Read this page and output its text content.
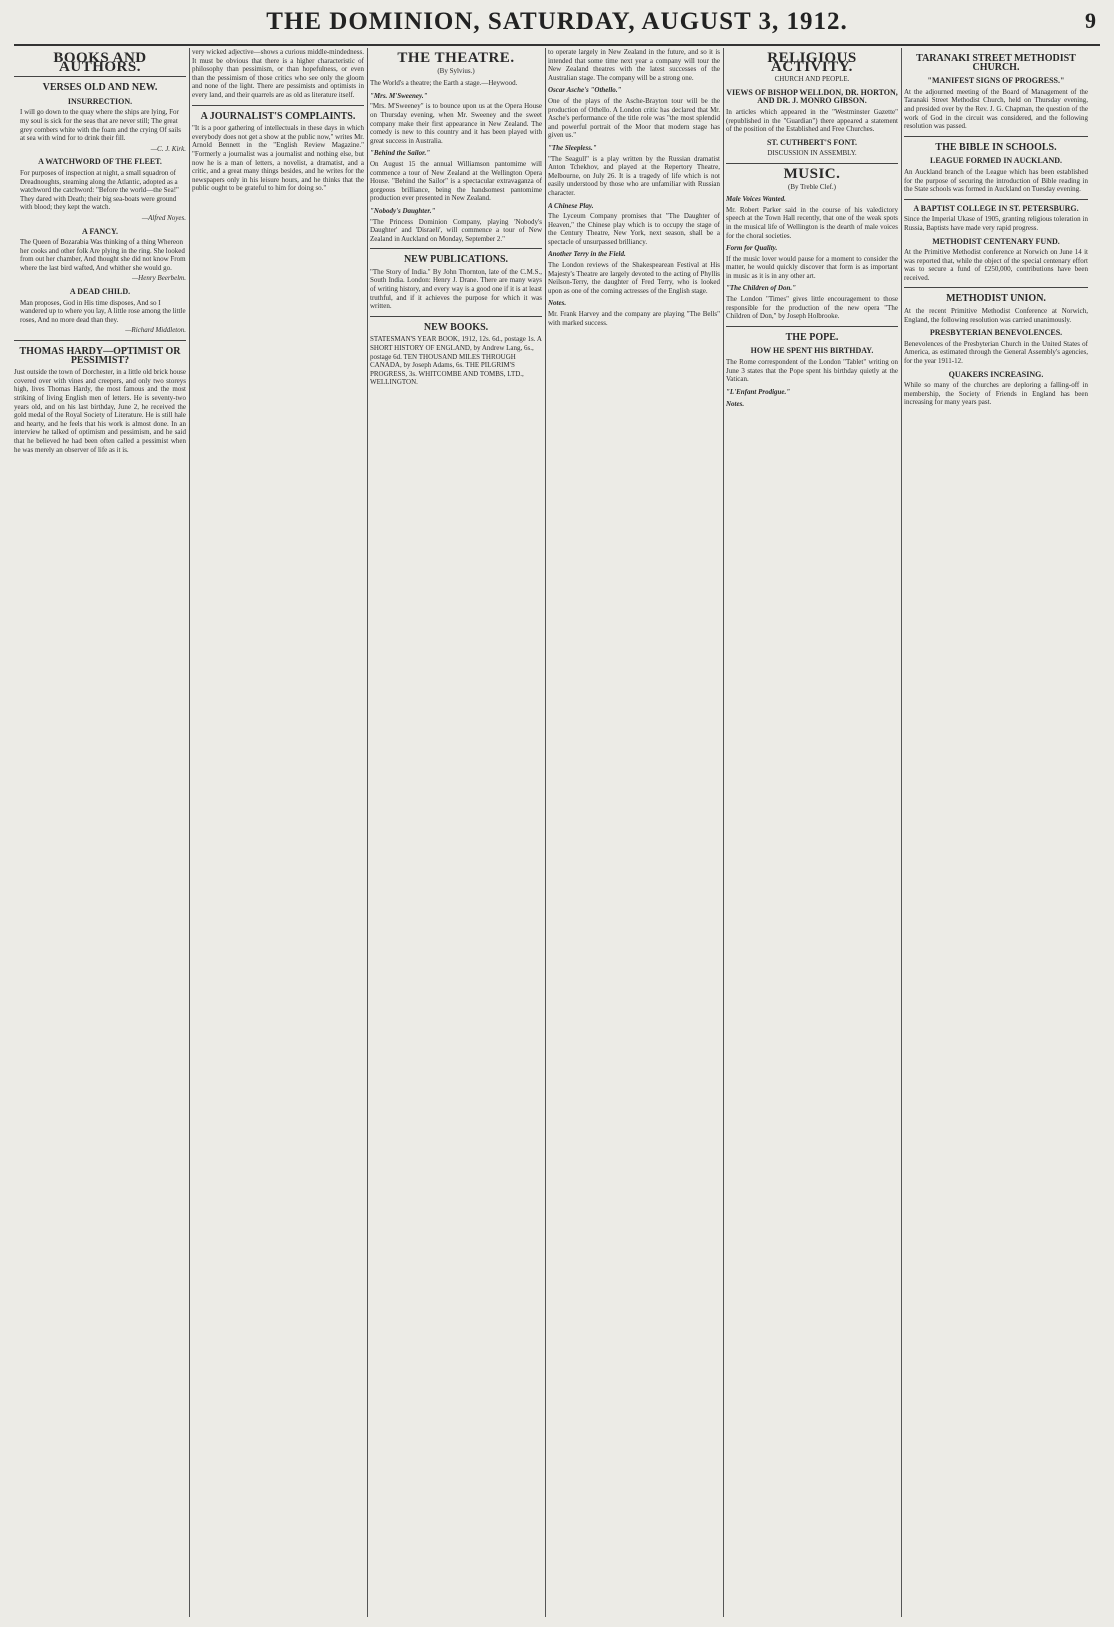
THE DOMINION, SATURDAY, AUGUST 3, 1912.	9
BOOKS AND AUTHORS.
VERSES OLD AND NEW.
INSURRECTION.
I will go down to the quay where the ships are lying, For my soul is sick for the seas that are never still; The great grey combers white with the foam and the crying Of sails at sea with wind for to drink their fill.
—C. J. Kirk.
A WATCHWORD OF THE FLEET.
For purposes of inspection at night, a small squadron of Dreadnoughts, steaming along the Atlantic, adopted as a watchword the catchword: "Before the world—the Sea!" They dared with Death; their big sea-boats were ground with blood; they kept the watch.
—Alfred Noyes.
A FANCY.
The Queen of Bozarabia Was thinking of a thing Whereon her cooks and other folk Are plying in the ring. She looked from out her chamber, And thought she did not know From where the last bird wafted, And whither she would go.
—Henry Beerbelm.
A DEAD CHILD.
Man proposes, God in His time disposes, And so I wandered up to where you lay, A little rose among the little roses, And no more dead than they.
—Richard Middleton.
THOMAS HARDY—OPTIMIST OR PESSIMIST?
Just outside the town of Dorchester, in a little old brick house covered over with vines and creepers, and only two storeys high, lives Thomas Hardy, the most famous and the most striking of living English men of letters. He is seventy-two years old, and on his last birthday, June 2, he received the gold medal of the Royal Society of Literature. He is still hale and hearty, and he feels that his work is almost done. In an interview he talked of optimism and pessimism, and he said that he believed he had been often called a pessimist when he was merely an observer of life as it is.
very wicked adjective—shows a curious middle-mindedness. It must be obvious that there is a higher characteristic of philosophy than pessimism, or than hopefulness, or even than the pessimism of those critics who see only the gloom and none of the light. There are pessimists and optimists in every land, and their quarrels are as old as literature itself.
A JOURNALIST'S COMPLAINTS.
"It is a poor gathering of intellectuals in these days in which everybody does not get a show at the public now," writes Mr. Arnold Bennett in the "English Review Magazine." "Formerly a journalist was a journalist and nothing else, but now he is a man of letters, a novelist, a dramatist, and a critic, and a great many things besides, and he writes for the newspapers only in his leisure hours, and he thinks that the public ought to be grateful to him for doing so."
THE THEATRE.
(By Sylvius.)
The World's a theatre; the Earth a stage.—Heywood.
"Mrs. M'Sweeney."
"Mrs. M'Sweeney" is to bounce upon us at the Opera House on Thursday evening, when Mr. Sweeney and the sweet company make their first appearance in New Zealand. The comedy is new to this country and it has been played with great success in Australia.
"Behind the Sailor."
On August 15 the annual Williamson pantomime will commence a tour of New Zealand at the Wellington Opera House. "Behind the Sailor" is a spectacular extravaganza of gorgeous brilliance, being the handsomest pantomime production ever presented in New Zealand.
"Nobody's Daughter."
"The Princess Dominion Company, playing 'Nobody's Daughter' and 'Disraeli', will commence a tour of New Zealand in Auckland on Monday, September 2."
NEW PUBLICATIONS.
"The Story of India." By John Thornton, late of the C.M.S., South India. London: Henry J. Drane. There are many ways of writing history, and every way is a good one if it is at least truthful, and if it achieves the purpose for which it was written.
NEW BOOKS.
STATESMAN'S YEAR BOOK, 1912, 12s. 6d., postage 1s. A SHORT HISTORY OF ENGLAND, by Andrew Lang, 6s., postage 6d. TEN THOUSAND MILES THROUGH CANADA, by Joseph Adams, 6s. THE PILGRIM'S PROGRESS, 3s. WHITCOMBE AND TOMBS, LTD., WELLINGTON.
to operate largely in New Zealand in the future, and so it is intended that some time next year a company will tour the New Zealand theatres with the latest successes of the Australian stage. The company will be a strong one.
Oscar Asche's "Othello."
One of the plays of the Asche-Brayton tour will be the production of Othello. A London critic has declared that Mr. Asche's performance of the title role was "the most splendid and powerful portrait of the Moor that modern stage has given us."
"The Sleepless."
"The Seagull" is a play written by the Russian dramatist Anton Tchekhov, and played at the Repertory Theatre, Melbourne, on July 26. It is a tragedy of life which is not easily understood by those who are unfamiliar with Russian character.
A Chinese Play.
The Lyceum Company promises that "The Daughter of Heaven," the Chinese play which is to occupy the stage of the Century Theatre, New York, next season, shall be a spectacle of unsurpassed brilliancy.
Another Terry in the Field.
The London reviews of the Shakespearean Festival at His Majesty's Theatre are largely devoted to the acting of Phyllis Neilson-Terry, the daughter of Fred Terry, who is looked upon as one of the coming actresses of the English stage.
Notes.
Mr. Frank Harvey and the company are playing "The Bells" with marked success.
RELIGIOUS ACTIVITY.
CHURCH AND PEOPLE.
VIEWS OF BISHOP WELLDON, DR. HORTON, AND DR. J. MONRO GIBSON.
In articles which appeared in the "Westminster Gazette" (republished in the "Guardian") there appeared a statement of the position of the Established and Free Churches.
ST. CUTHBERT'S FONT.
DISCUSSION IN ASSEMBLY.
MUSIC.
(By Treble Clef.)
Male Voices Wanted.
Mr. Robert Parker said in the course of his valedictory speech at the Town Hall recently, that one of the weak spots in the musical life of Wellington is the dearth of male voices for the choral societies.
Form for Quality.
If the music lover would pause for a moment to consider the matter, he would quickly discover that form is as important in music as it is in any other art.
"The Children of Don."
The London "Times" gives little encouragement to those responsible for the production of the new opera "The Children of Don," by Joseph Holbrooke.
THE POPE.
HOW HE SPENT HIS BIRTHDAY.
The Rome correspondent of the London "Tablet" writing on June 3 states that the Pope spent his birthday quietly at the Vatican.
"L'Enfant Prodigue."
Notes.
TARANAKI STREET METHODIST CHURCH.
"MANIFEST SIGNS OF PROGRESS."
At the adjourned meeting of the Board of Management of the Taranaki Street Methodist Church, held on Thursday evening, and presided over by the Rev. J. G. Chapman, the question of the work of God in the circuit was considered, and the following resolution was passed.
THE BIBLE IN SCHOOLS.
LEAGUE FORMED IN AUCKLAND.
An Auckland branch of the League which has been established for the purpose of securing the introduction of Bible reading in the State schools was formed in Auckland on Tuesday evening.
A BAPTIST COLLEGE IN ST. PETERSBURG.
Since the Imperial Ukase of 1905, granting religious toleration in Russia, Baptists have made very rapid progress.
METHODIST CENTENARY FUND.
At the Primitive Methodist conference at Norwich on June 14 it was reported that, while the object of the special centenary effort was to secure a fund of £250,000, contributions have been received.
METHODIST UNION.
At the recent Primitive Methodist Conference at Norwich, England, the following resolution was carried unanimously.
PRESBYTERIAN BENEVOLENCES.
Benevolences of the Presbyterian Church in the United States of America, as estimated through the General Assembly's agencies, for the year 1911-12.
QUAKERS INCREASING.
While so many of the churches are deploring a falling-off in membership, the Society of Friends in England has been increasing for many years past.
